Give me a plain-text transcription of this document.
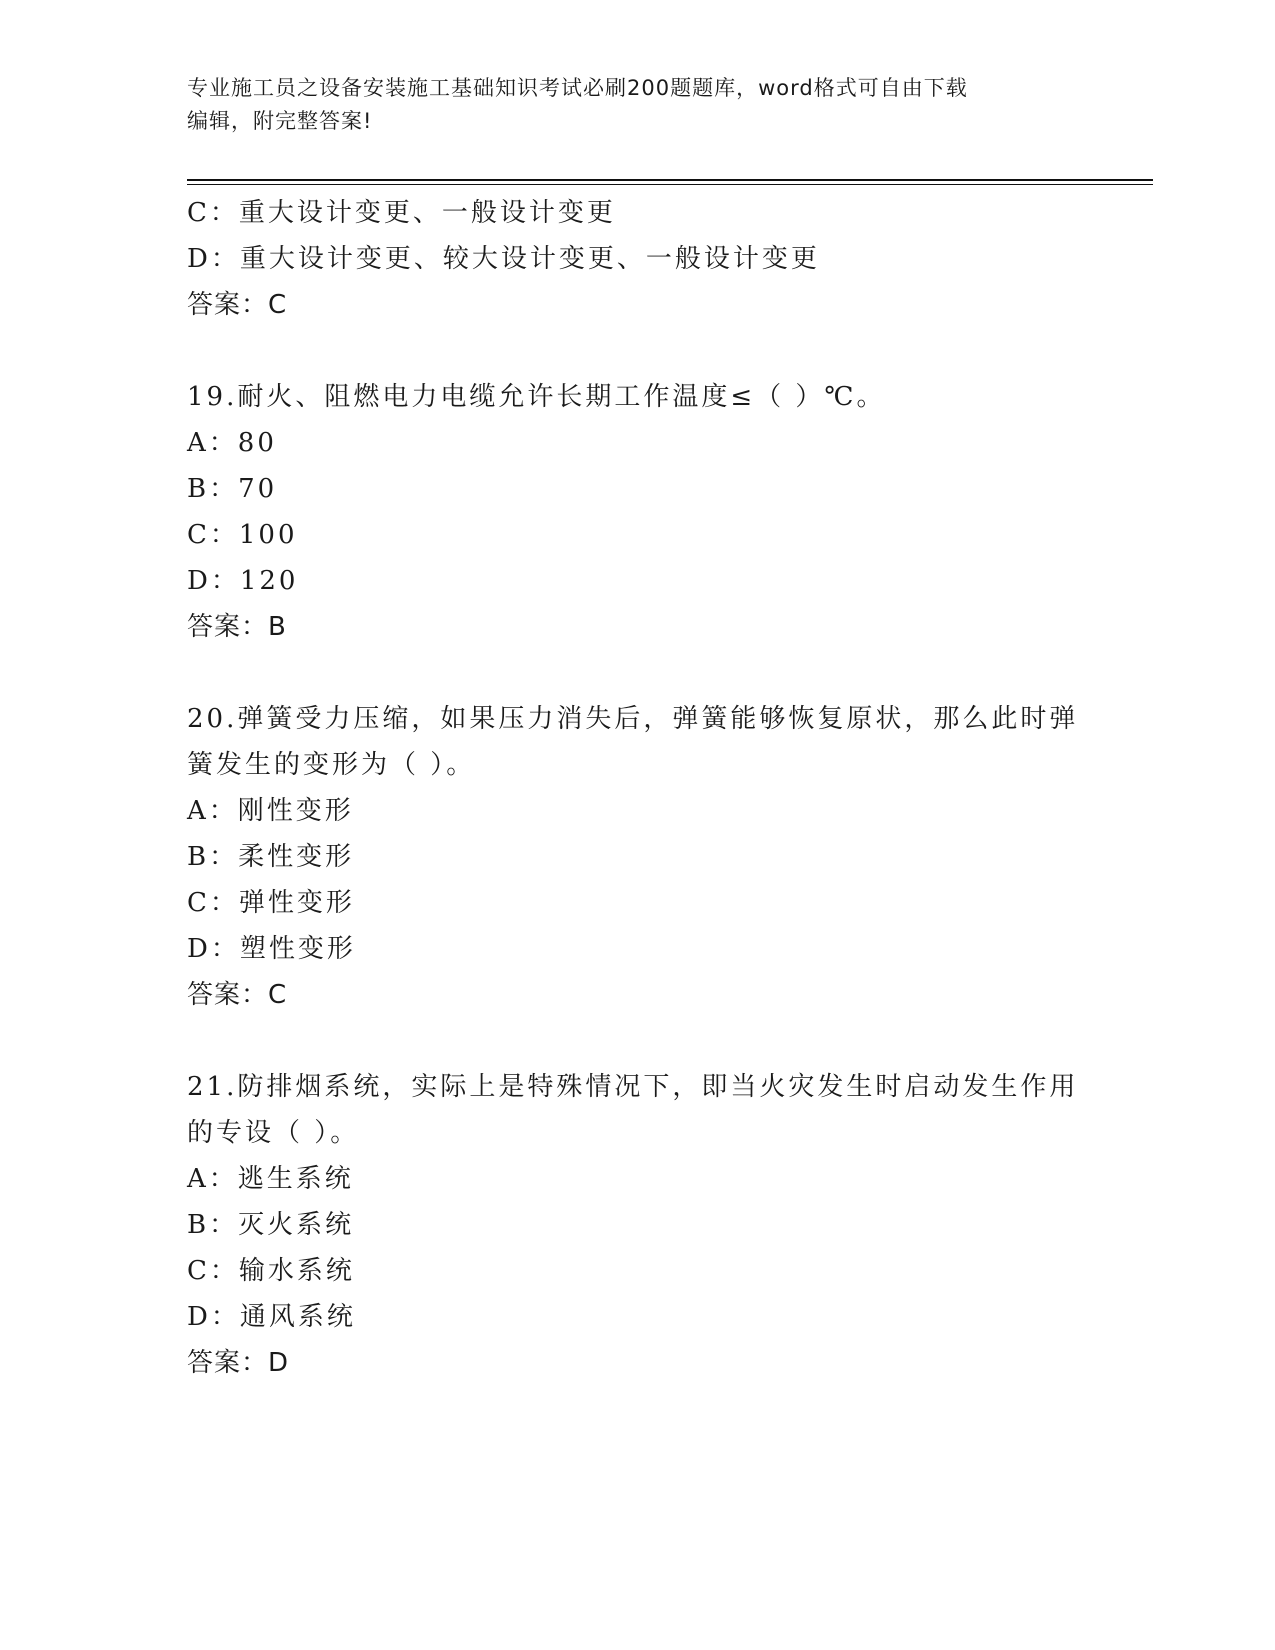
专业施工员之设备安装施工基础知识考试必刷200题题库，word格式可自由下载
编辑，附完整答案!
C：重大设计变更、一般设计变更
D：重大设计变更、较大设计变更、一般设计变更
答案：C
19.耐火、阻燃电力电缆允许长期工作温度≤（ ）℃。
A：80
B：70
C：100
D：120
答案：B
20.弹簧受力压缩，如果压力消失后，弹簧能够恢复原状，那么此时弹
簧发生的变形为（ ）。
A：刚性变形
B：柔性变形
C：弹性变形
D：塑性变形
答案：C
21.防排烟系统，实际上是特殊情况下，即当火灾发生时启动发生作用
的专设（ ）。
A：逃生系统
B：灭火系统
C：输水系统
D：通风系统
答案：D
